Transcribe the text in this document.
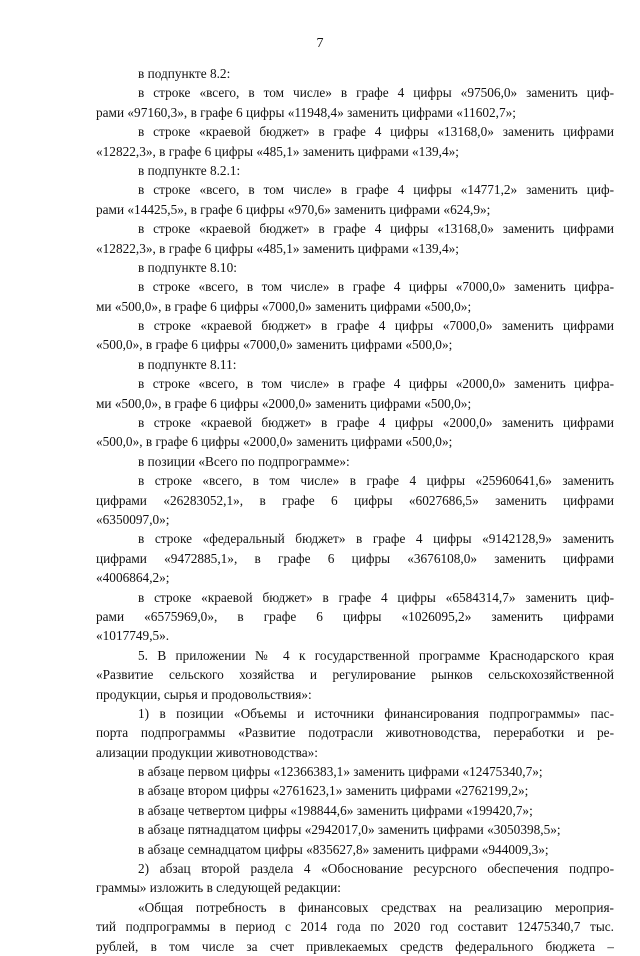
7
в подпункте 8.2:
в строке «всего, в том числе» в графе 4 цифры «97506,0» заменить циф-
рами «97160,3», в графе 6 цифры «11948,4» заменить цифрами «11602,7»;
в строке «краевой бюджет» в графе 4 цифры «13168,0» заменить цифрами
«12822,3», в графе 6 цифры «485,1» заменить цифрами «139,4»;
в подпункте 8.2.1:
в строке «всего, в том числе» в графе 4 цифры «14771,2» заменить циф-
рами «14425,5», в графе 6 цифры «970,6» заменить цифрами «624,9»;
в строке «краевой бюджет» в графе 4 цифры «13168,0» заменить цифрами
«12822,3», в графе 6 цифры «485,1» заменить цифрами «139,4»;
в подпункте 8.10:
в строке «всего, в том числе» в графе 4 цифры «7000,0» заменить цифра-
ми «500,0», в графе 6 цифры «7000,0» заменить цифрами «500,0»;
в строке «краевой бюджет» в графе 4 цифры «7000,0» заменить цифрами
«500,0», в графе 6 цифры «7000,0» заменить цифрами «500,0»;
в подпункте 8.11:
в строке «всего, в том числе» в графе 4 цифры «2000,0» заменить цифра-
ми «500,0», в графе 6 цифры «2000,0» заменить цифрами «500,0»;
в строке «краевой бюджет» в графе 4 цифры «2000,0» заменить цифрами
«500,0», в графе 6 цифры «2000,0» заменить цифрами «500,0»;
в позиции «Всего по подпрограмме»:
в строке «всего, в том числе» в графе 4 цифры «25960641,6» заменить
цифрами «26283052,1», в графе 6 цифры «6027686,5» заменить цифрами
«6350097,0»;
в строке «федеральный бюджет» в графе 4 цифры «9142128,9» заменить
цифрами «9472885,1», в графе 6 цифры «3676108,0» заменить цифрами
«4006864,2»;
в строке «краевой бюджет» в графе 4 цифры «6584314,7» заменить циф-
рами «6575969,0», в графе 6 цифры «1026095,2» заменить цифрами
«1017749,5».
5. В приложении № 4 к государственной программе Краснодарского края
«Развитие сельского хозяйства и регулирование рынков сельскохозяйственной
продукции, сырья и продовольствия»:
1) в позиции «Объемы и источники финансирования подпрограммы» пас-
порта подпрограммы «Развитие подотрасли животноводства, переработки и ре-
ализации продукции животноводства»:
в абзаце первом цифры «12366383,1» заменить цифрами «12475340,7»;
в абзаце втором цифры «2761623,1» заменить цифрами «2762199,2»;
в абзаце четвертом цифры «198844,6» заменить цифрами «199420,7»;
в абзаце пятнадцатом цифры «2942017,0» заменить цифрами «3050398,5»;
в абзаце семнадцатом цифры «835627,8» заменить цифрами «944009,3»;
2) абзац второй раздела 4 «Обоснование ресурсного обеспечения подпро-
граммы» изложить в следующей редакции:
«Общая потребность в финансовых средствах на реализацию мероприя-
тий подпрограммы в период с 2014 года по 2020 год составит 12475340,7 тыс.
рублей, в том числе за счет привлекаемых средств федерального бюджета –
